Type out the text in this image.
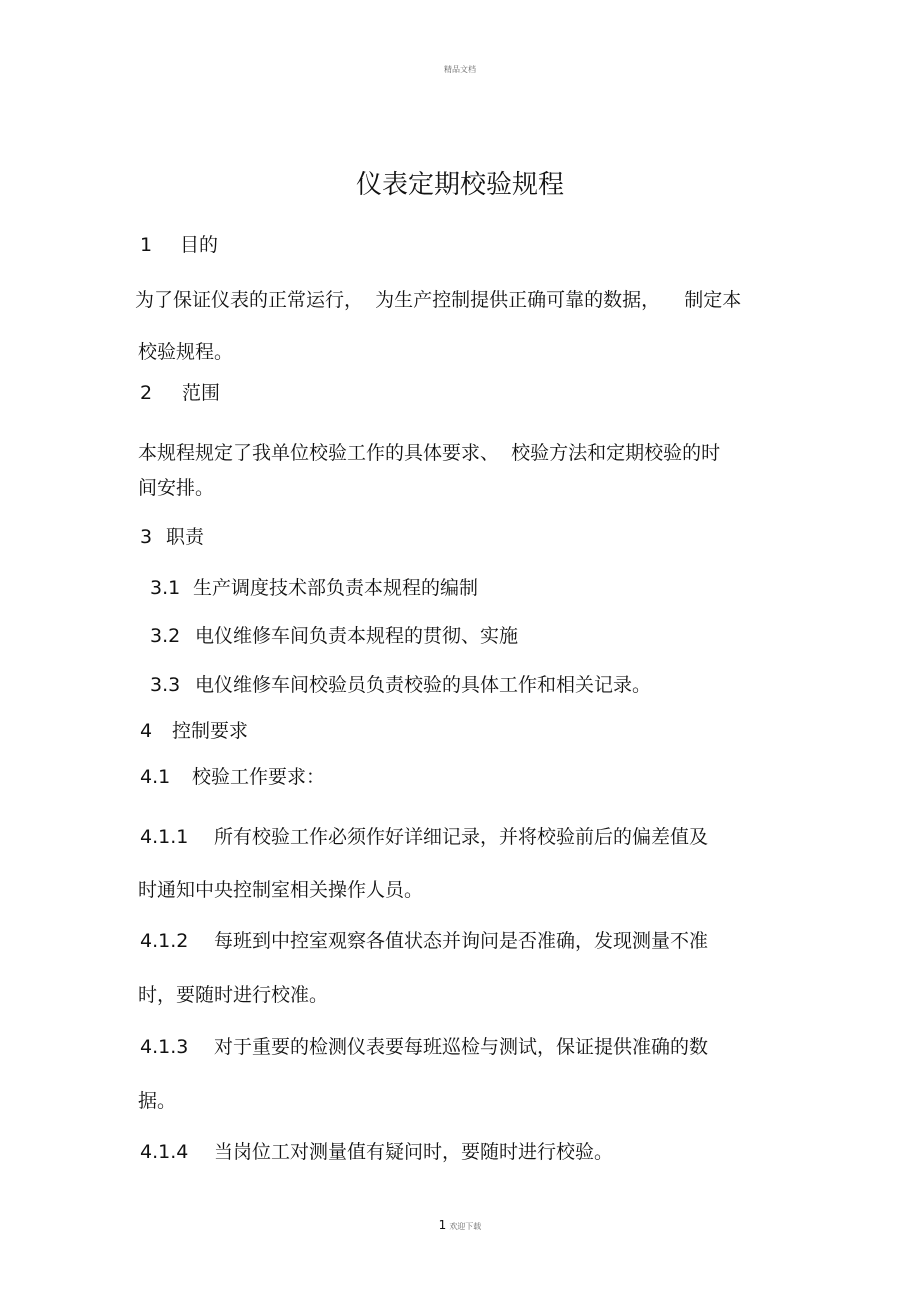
精品文档
仪表定期校验规程
1 目的
为了保证仪表的正常运行，  为生产控制提供正确可靠的数据，    制定本
校验规程。
2 范围
本规程规定了我单位校验工作的具体要求、  校验方法和定期校验的时
间安排。
3 职责
3.1 生产调度技术部负责本规程的编制
3.2 电仪维修车间负责本规程的贯彻、实施
3.3 电仪维修车间校验员负责校验的具体工作和相关记录。
4 控制要求
4.1 校验工作要求：
4.1.1 所有校验工作必须作好详细记录，并将校验前后的偏差值及
时通知中央控制室相关操作人员。
4.1.2 每班到中控室观察各值状态并询问是否准确，发现测量不准
时，要随时进行校准。
4.1.3 对于重要的检测仪表要每班巡检与测试，保证提供准确的数
据。
4.1.4 当岗位工对测量值有疑问时，要随时进行校验。
1 欢迎下载
